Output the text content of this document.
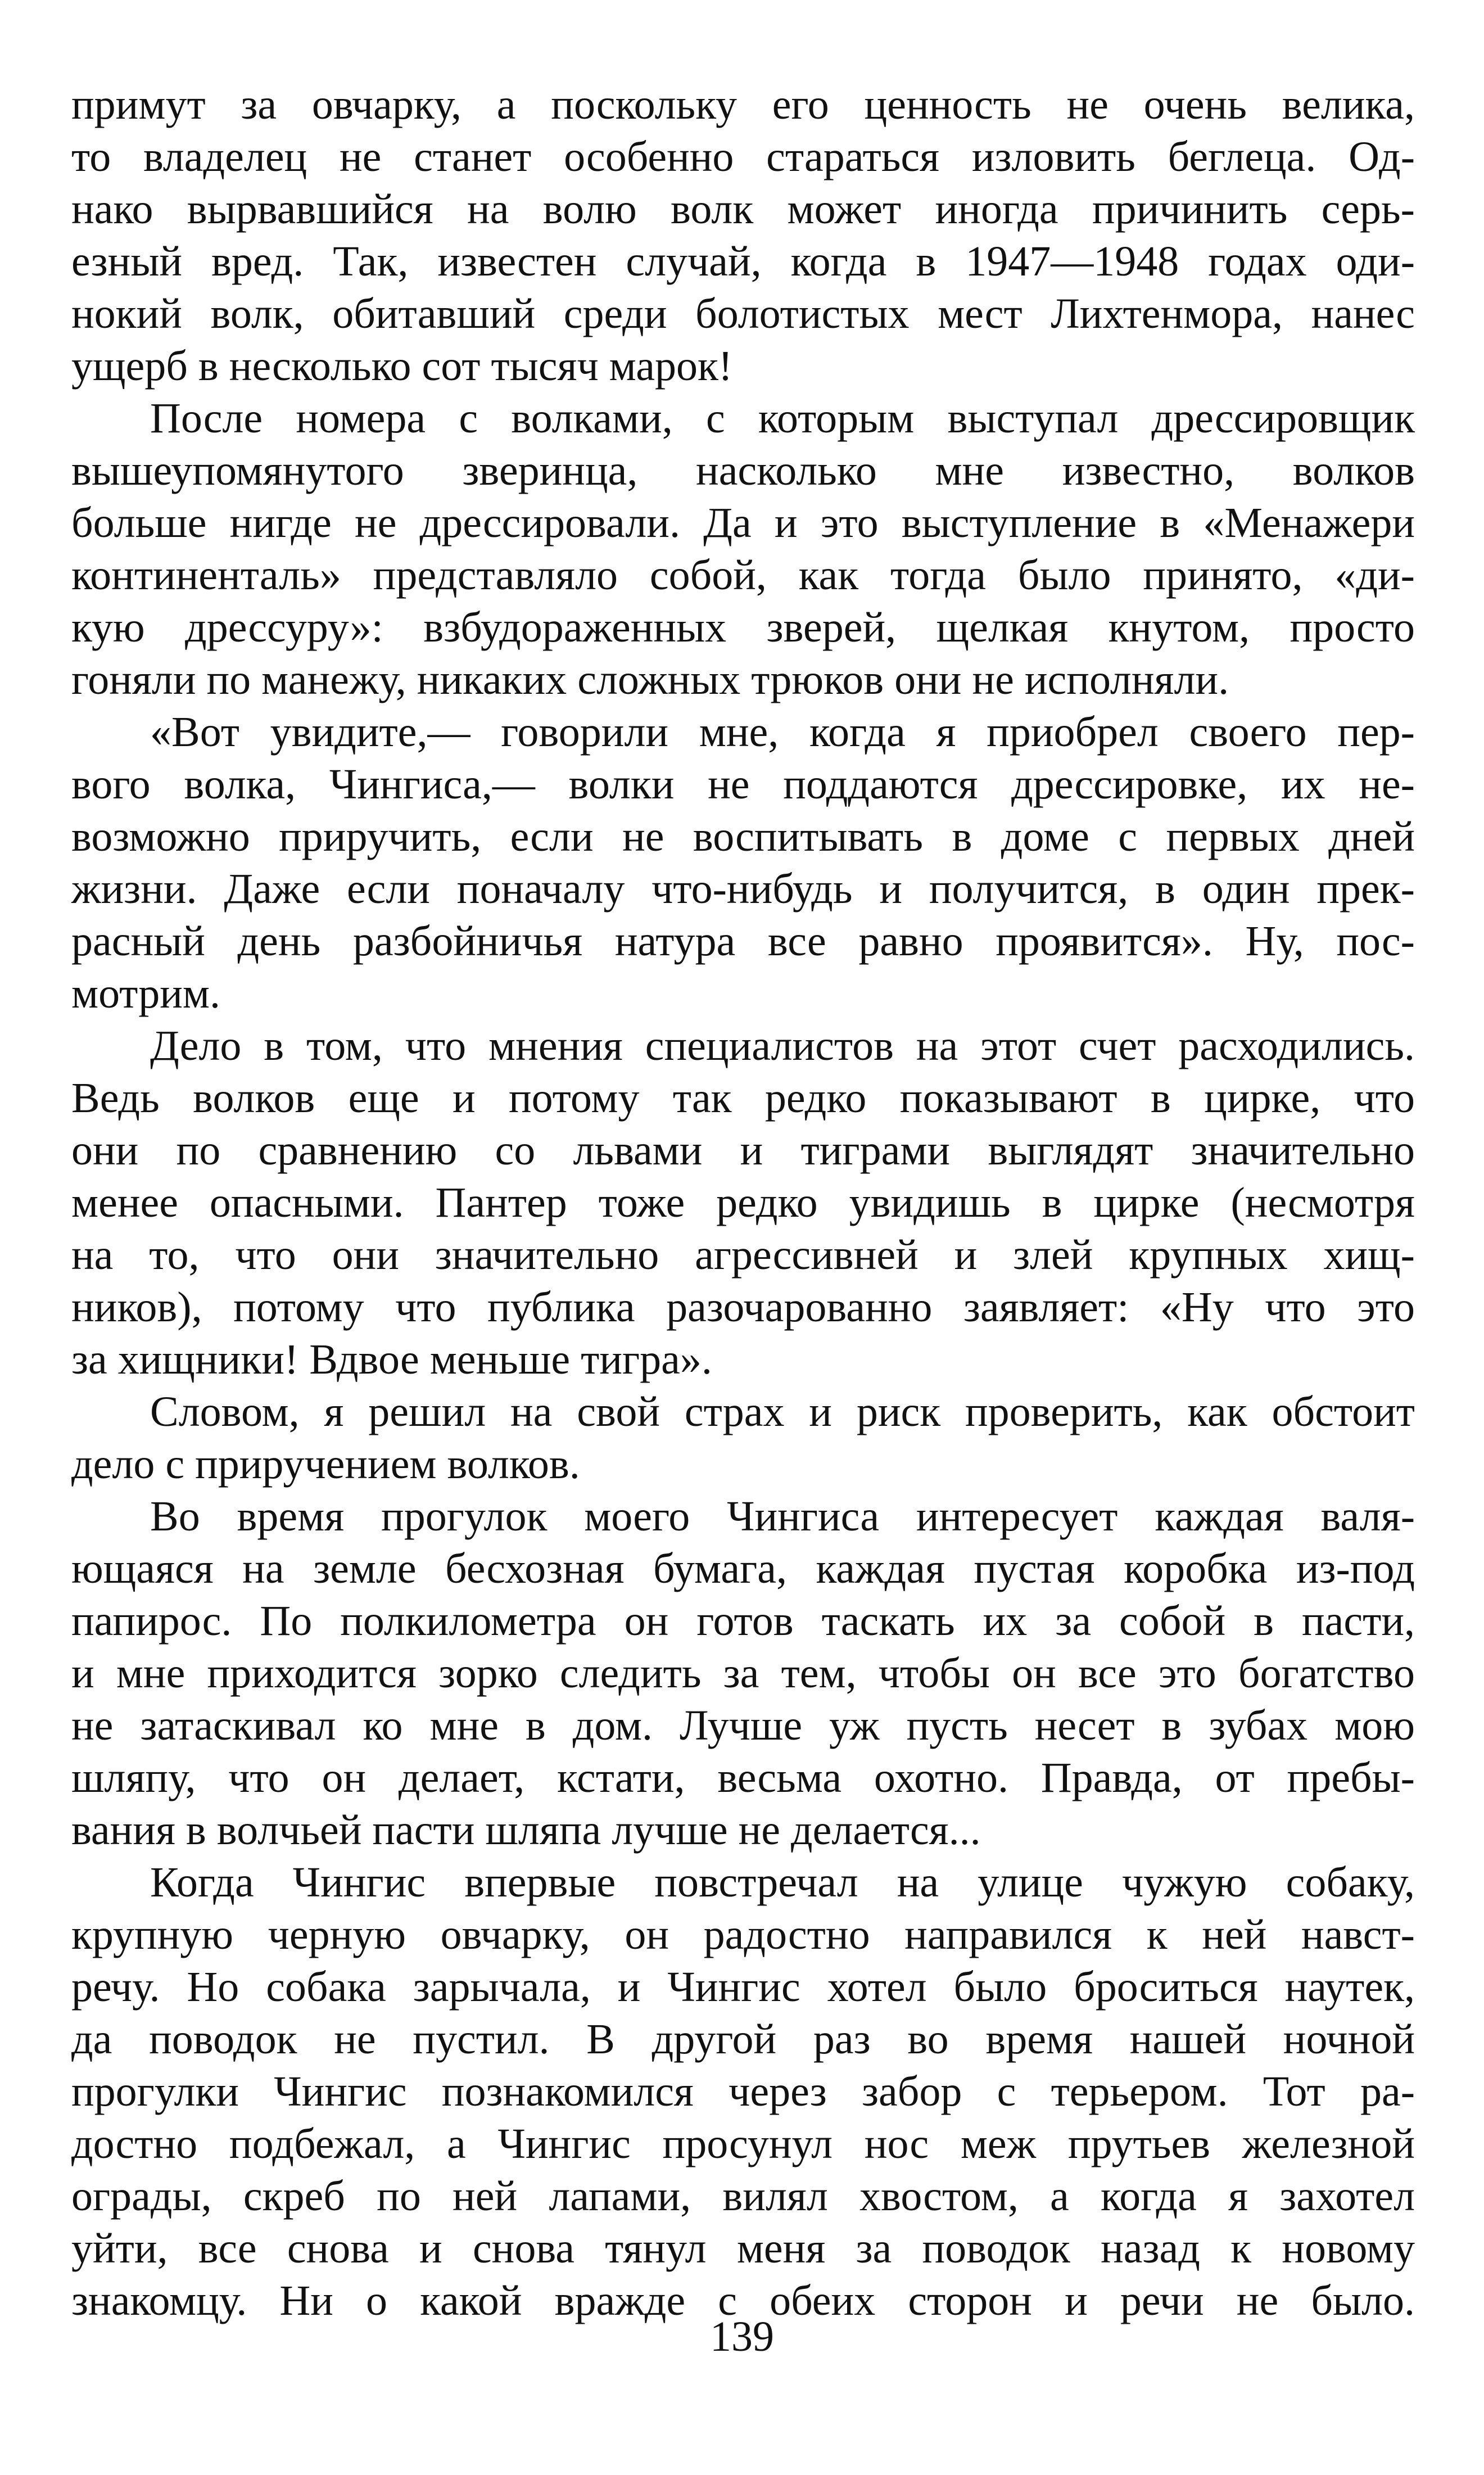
примут за овчарку, а поскольку его ценность не очень велика,
то владелец не станет особенно стараться изловить беглеца. Од-
нако вырвавшийся на волю волк может иногда причинить серь-
езный вред. Так, известен случай, когда в 1947—1948 годах оди-
нокий волк, обитавший среди болотистых мест Лихтенмора, нанес
ущерб в несколько сот тысяч марок!
После номера с волками, с которым выступал дрессировщик
вышеупомянутого зверинца, насколько мне известно, волков
больше нигде не дрессировали. Да и это выступление в «Менажери
континенталь» представляло собой, как тогда было принято, «ди-
кую дрессуру»: взбудораженных зверей, щелкая кнутом, просто
гоняли по манежу, никаких сложных трюков они не исполняли.
«Вот увидите,— говорили мне, когда я приобрел своего пер-
вого волка, Чингиса,— волки не поддаются дрессировке, их не-
возможно приручить, если не воспитывать в доме с первых дней
жизни. Даже если поначалу что-нибудь и получится, в один прек-
расный день разбойничья натура все равно проявится». Ну, пос-
мотрим.
Дело в том, что мнения специалистов на этот счет расходились.
Ведь волков еще и потому так редко показывают в цирке, что
они по сравнению со львами и тиграми выглядят значительно
менее опасными. Пантер тоже редко увидишь в цирке (несмотря
на то, что они значительно агрессивней и злей крупных хищ-
ников), потому что публика разочарованно заявляет: «Ну что это
за хищники! Вдвое меньше тигра».
Словом, я решил на свой страх и риск проверить, как обстоит
дело с приручением волков.
Во время прогулок моего Чингиса интересует каждая валя-
ющаяся на земле бесхозная бумага, каждая пустая коробка из-под
папирос. По полкилометра он готов таскать их за собой в пасти,
и мне приходится зорко следить за тем, чтобы он все это богатство
не затаскивал ко мне в дом. Лучше уж пусть несет в зубах мою
шляпу, что он делает, кстати, весьма охотно. Правда, от пребы-
вания в волчьей пасти шляпа лучше не делается...
Когда Чингис впервые повстречал на улице чужую собаку,
крупную черную овчарку, он радостно направился к ней навст-
речу. Но собака зарычала, и Чингис хотел было броситься наутек,
да поводок не пустил. В другой раз во время нашей ночной
прогулки Чингис познакомился через забор с терьером. Тот ра-
достно подбежал, а Чингис просунул нос меж прутьев железной
ограды, скреб по ней лапами, вилял хвостом, а когда я захотел
уйти, все снова и снова тянул меня за поводок назад к новому
знакомцу. Ни о какой вражде с обеих сторон и речи не было.
139
